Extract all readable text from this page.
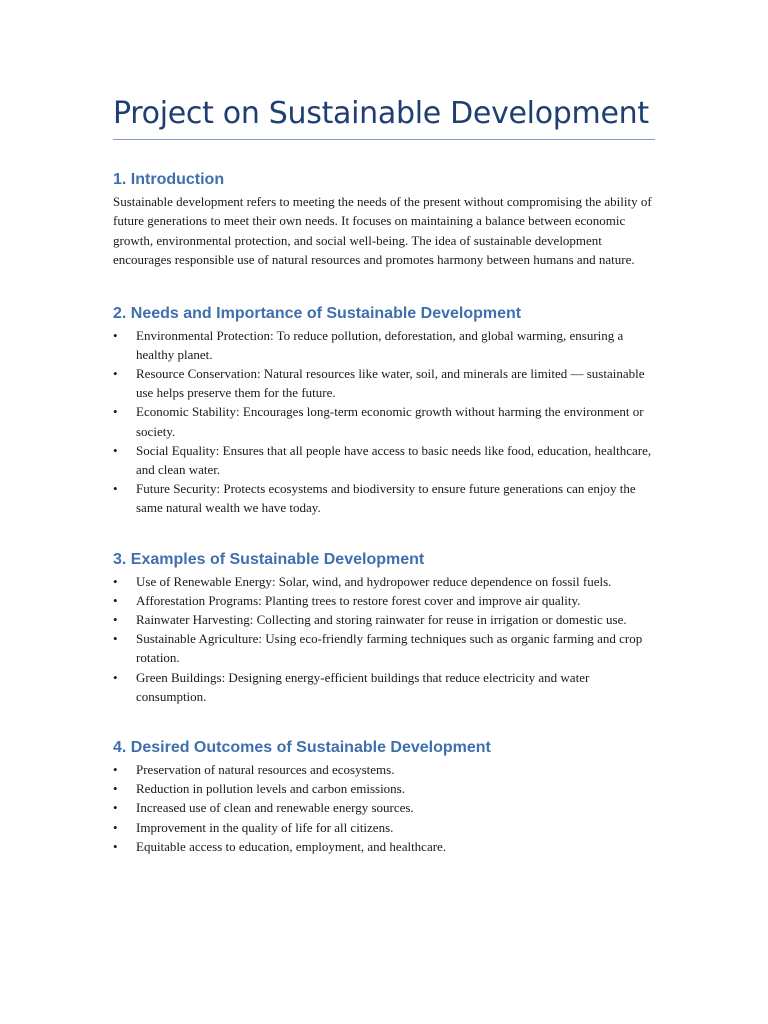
Project on Sustainable Development
1. Introduction

Sustainable development refers to meeting the needs of the present without compromising the ability of future generations to meet their own needs. It focuses on maintaining a balance between economic growth, environmental protection, and social well-being. The idea of sustainable development encourages responsible use of natural resources and promotes harmony between humans and nature.

2. Needs and Importance of Sustainable Development
• Environmental Protection: To reduce pollution, deforestation, and global warming, ensuring a healthy planet.
• Resource Conservation: Natural resources like water, soil, and minerals are limited — sustainable use helps preserve them for the future.
• Economic Stability: Encourages long-term economic growth without harming the environment or society.
• Social Equality: Ensures that all people have access to basic needs like food, education, healthcare, and clean water.
• Future Security: Protects ecosystems and biodiversity to ensure future generations can enjoy the same natural wealth we have today.
3. Examples of Sustainable Development
• Use of Renewable Energy: Solar, wind, and hydropower reduce dependence on fossil fuels.
• Afforestation Programs: Planting trees to restore forest cover and improve air quality.
• Rainwater Harvesting: Collecting and storing rainwater for reuse in irrigation or domestic use.
• Sustainable Agriculture: Using eco-friendly farming techniques such as organic farming and crop rotation.
• Green Buildings: Designing energy-efficient buildings that reduce electricity and water consumption.
4. Desired Outcomes of Sustainable Development
• Preservation of natural resources and ecosystems.
• Reduction in pollution levels and carbon emissions.
• Increased use of clean and renewable energy sources.
• Improvement in the quality of life for all citizens.
• Equitable access to education, employment, and healthcare.
